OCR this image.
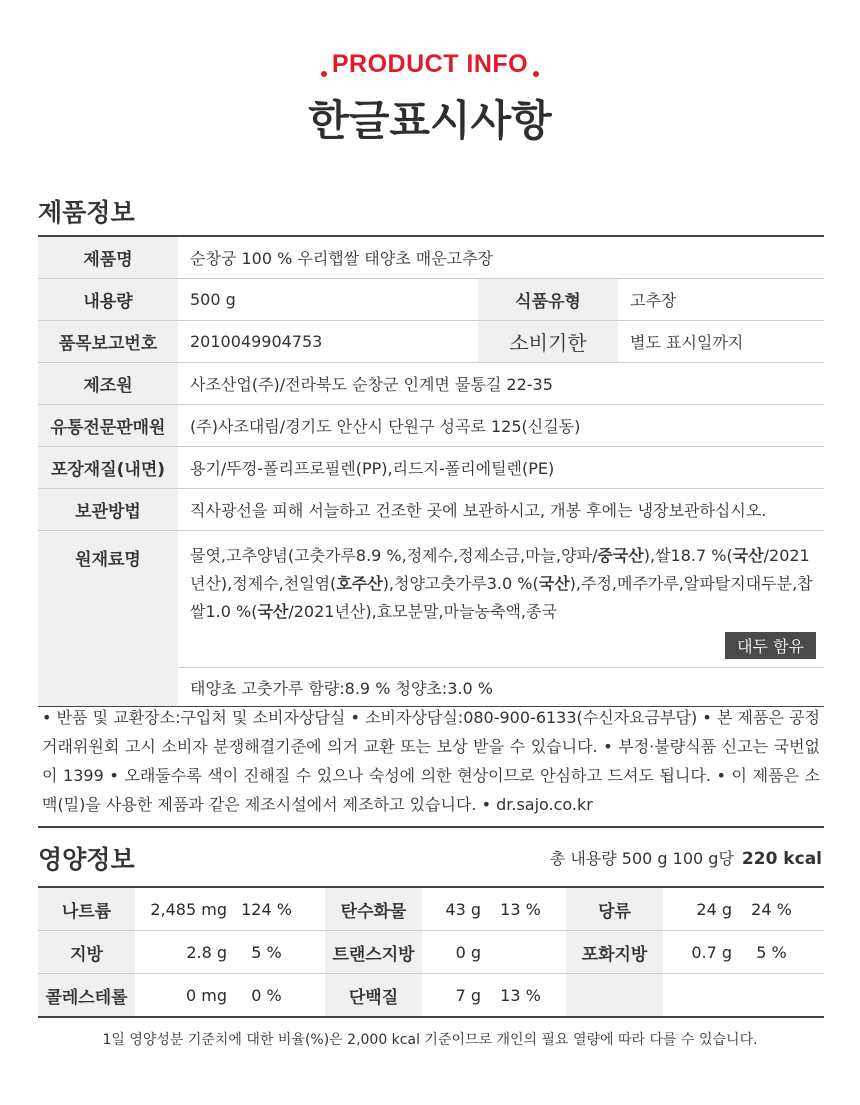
PRODUCT INFO
한글표시사항
제품정보
제품명	순창궁 100 % 우리햅쌀 태양초 매운고추장
내용량	500 g	식품유형	고추장
품목보고번호	2010049904753	소비기한	별도 표시일까지
제조원	사조산업(주)/전라북도 순창군 인계면 물통길 22-35
유통전문판매원	(주)사조대림/경기도 안산시 단원구 성곡로 125(신길동)
포장재질(내면)	용기/뚜껑-폴리프로필렌(PP),리드지-폴리에틸렌(PE)
보관방법	직사광선을 피해 서늘하고 건조한 곳에 보관하시고, 개봉 후에는 냉장보관하십시오.
원재료명	물엿,고추양념(고춧가루8.9 %,정제수,정제소금,마늘,양파/중국산),쌀18.7 %(국산/2021년산),정제수,천일염(호주산),청양고춧가루3.0 %(국산),주정,메주가루,알파탈지대두분,찹쌀1.0 %(국산/2021년산),효모분말,마늘농축액,종국
대두 함유
태양초 고춧가루 함량:8.9 % 청양초:3.0 %
• 반품 및 교환장소:구입처 및 소비자상담실 • 소비자상담실:080-900-6133(수신자요금부담) • 본 제품은 공정거래위원회 고시 소비자 분쟁해결기준에 의거 교환 또는 보상 받을 수 있습니다. • 부정·불량식품 신고는 국번없이 1399 • 오래둘수록 색이 진해질 수 있으나 숙성에 의한 현상이므로 안심하고 드셔도 됩니다. • 이 제품은 소맥(밀)을 사용한 제품과 같은 제조시설에서 제조하고 있습니다. • dr.sajo.co.kr
영양정보	총 내용량 500 g 100 g당 220 kcal
나트륨	2,485 mg 124 %	탄수화물	43 g	13 %	당류	24 g	24 %
지방	2.8 g	5 %	트랜스지방	0 g	포화지방	0.7 g	5 %
콜레스테롤	0 mg	0 %	단백질	7 g	13 %
1일 영양성분 기준치에 대한 비율(%)은 2,000 kcal 기준이므로 개인의 필요 열량에 따라 다를 수 있습니다.
